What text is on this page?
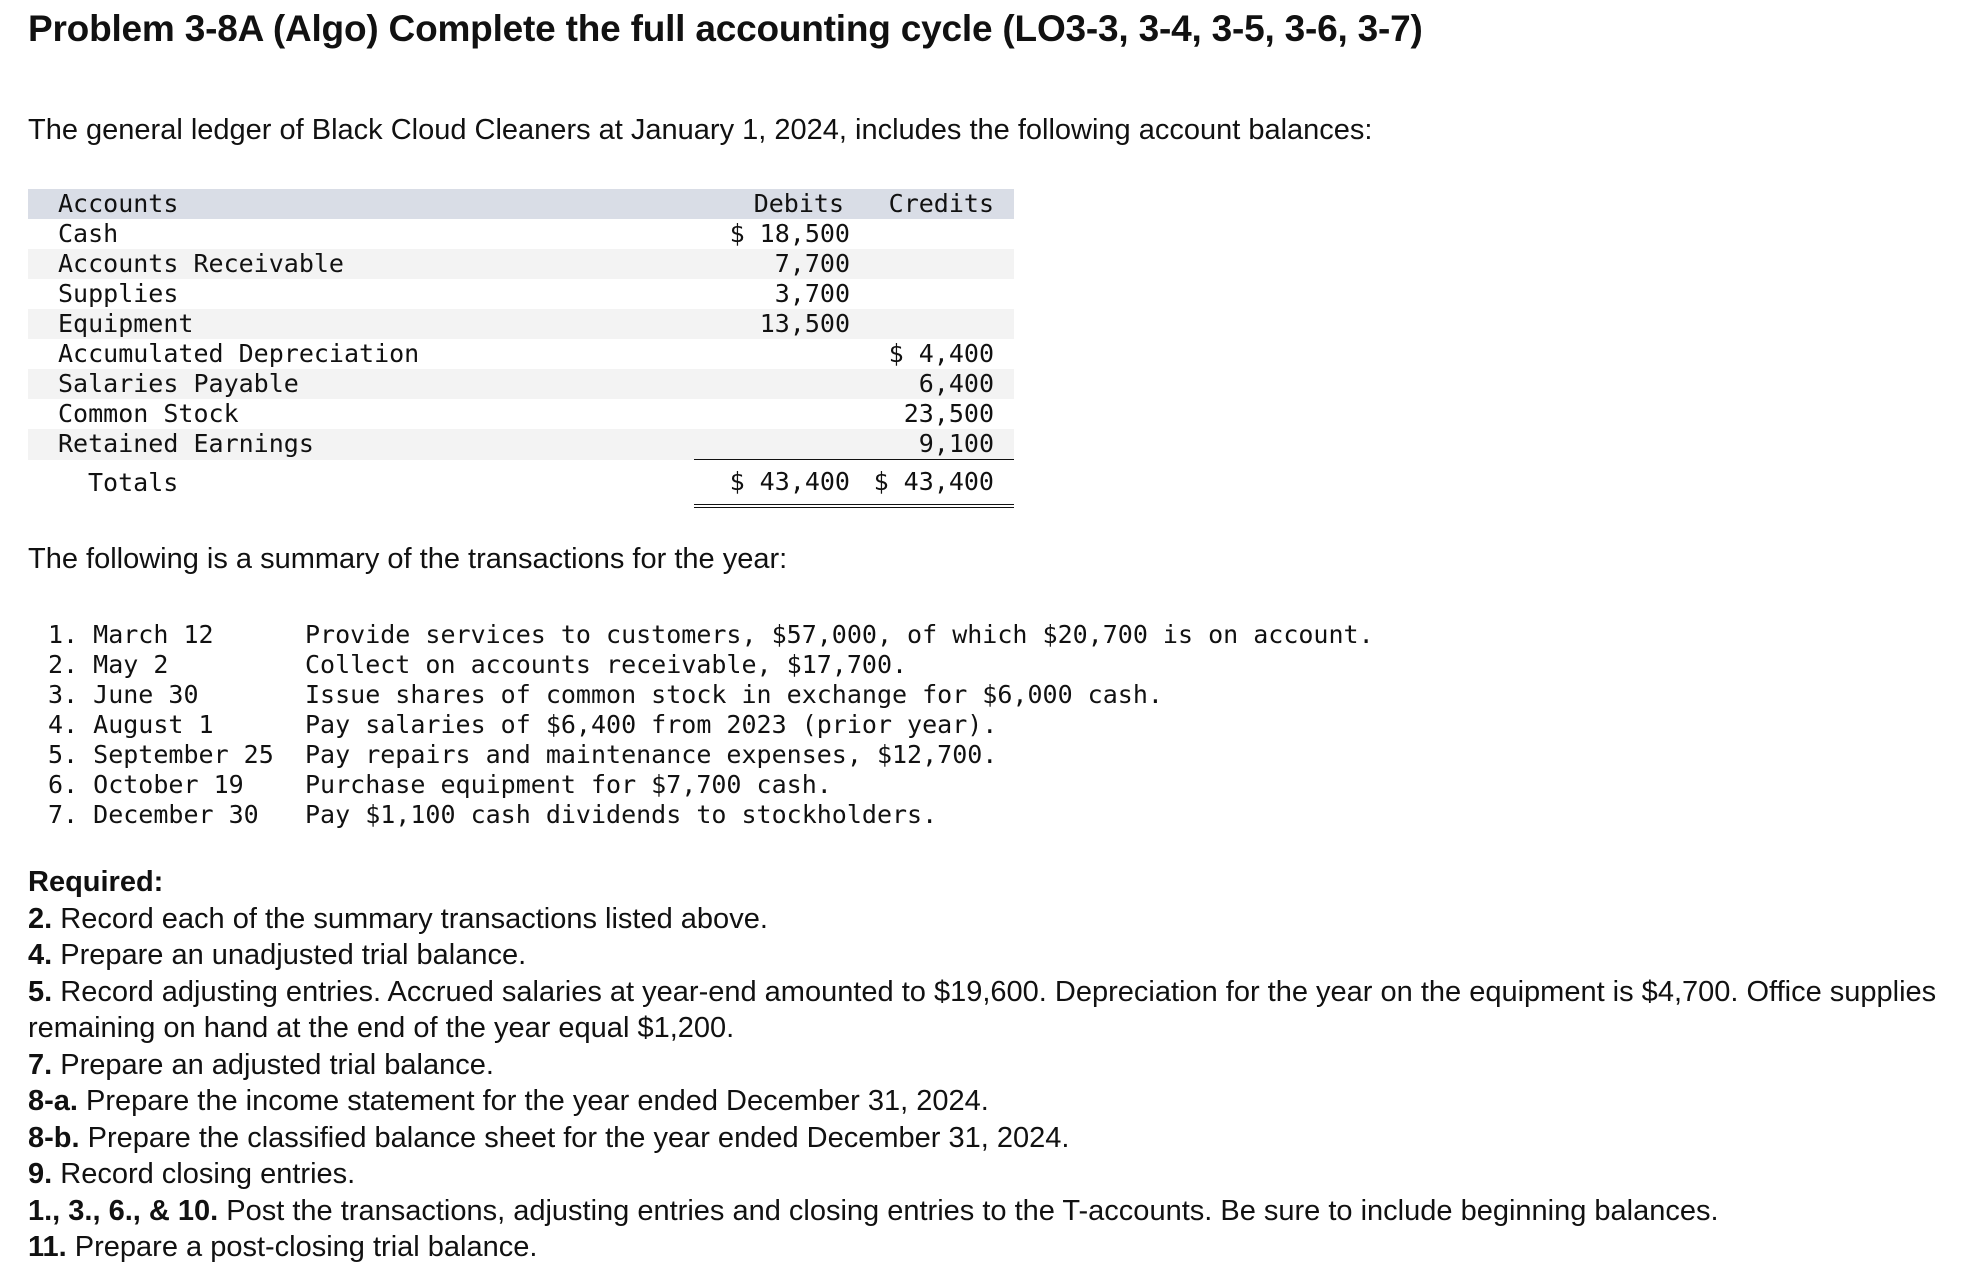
Problem 3-8A (Algo) Complete the full accounting cycle (LO3-3, 3-4, 3-5, 3-6, 3-7)

The general ledger of Black Cloud Cleaners at January 1, 2024, includes the following account balances:

Accounts	Debits	Credits
Cash	$ 18,500	
Accounts Receivable	7,700	
Supplies	3,700	
Equipment	13,500	
Accumulated Depreciation		$ 4,400
Salaries Payable		6,400
Common Stock		23,500
Retained Earnings		9,100
Totals	$ 43,400	$ 43,400

The following is a summary of the transactions for the year:

1. March 12	Provide services to customers, $57,000, of which $20,700 is on account.
2. May 2	Collect on accounts receivable, $17,700.
3. June 30	Issue shares of common stock in exchange for $6,000 cash.
4. August 1	Pay salaries of $6,400 from 2023 (prior year).
5. September 25	Pay repairs and maintenance expenses, $12,700.
6. October 19	Purchase equipment for $7,700 cash.
7. December 30	Pay $1,100 cash dividends to stockholders.
Required:

2. Record each of the summary transactions listed above.

4. Prepare an unadjusted trial balance.

5. Record adjusting entries. Accrued salaries at year-end amounted to $19,600. Depreciation for the year on the equipment is $4,700. Office supplies remaining on hand at the end of the year equal $1,200.

7. Prepare an adjusted trial balance.

8-a. Prepare the income statement for the year ended December 31, 2024.

8-b. Prepare the classified balance sheet for the year ended December 31, 2024.

9. Record closing entries.

1., 3., 6., & 10. Post the transactions, adjusting entries and closing entries to the T-accounts. Be sure to include beginning balances.

11. Prepare a post-closing trial balance.
